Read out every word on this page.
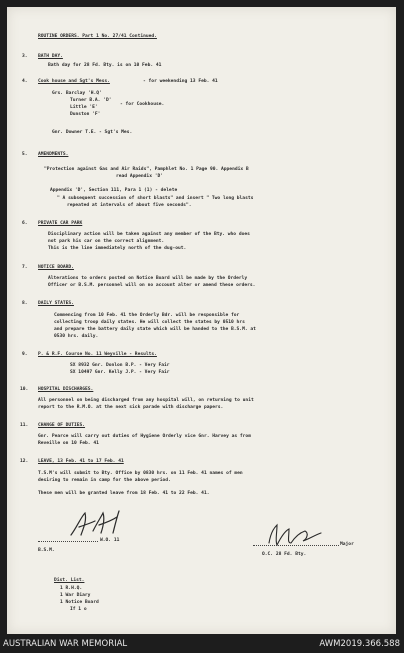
ROUTINE ORDERS. Part 1 No. 27/41 Continued.
3. BATH DAY.
Bath day for 28 Fd. Bty. is on 10 Feb. 41
4. Cook house and Sgt's Mess.	- for weekending 13 Feb. 41
Grs. Barclay 'H.Q'
Turner B.A. 'D'
Little 'E'
Dunston 'F'
- for Cookhouse.
Gnr. Downer T.E. - Sgt's Mes.
5. AMENDMENTS.
"Protection against Gas and Air Raids", Pamphlet No. 1 Page 90. Appendix B
read Appendix 'D'
Appendix 'D', Section 111, Para 1 (1) - delete
" A subsequent succession of short blasts" and insert " Two long blasts
repeated at intervals of about five seconds".
6. PRIVATE CAR PARK
Disciplinary action will be taken against any member of the Bty. who does
not park his car on the correct alignment.
This is the line immediately north of the dug-out.
7. NOTICE BOARD.
Alterations to orders posted on Notice Board will be made by the Orderly
Officer or B.S.M. personnel will on no account alter or amend these orders.
8. DAILY STATES.
Commencing from 10 Feb. 41 the Orderly Bdr. will be responsible for
collecting troop daily states. He will collect the states by 0510 hrs
and prepare the battery daily state which will be handed to the B.S.M. at
0530 hrs. daily.
9. P. & R.F. Course No. 11 Weyville - Results.
SX 8932 Gnr. Donlon B.P. - Very Fair
SX 10497 Gnr. Kelly J.P. - Very Fair
10. HOSPITAL DISCHARGES.
All personnel on being discharged from any hospital will, on returning to unit
report to the R.M.O. at the next sick parade with discharge papers.
11. CHANGE OF DUTIES.
Gnr. Pearce will carry out duties of Hygiene Orderly vice Gnr. Harvey as from
Reveille on 10 Feb. 41
12. LEAVE, 13 Feb. 41 to 17 Feb. 41
T.S.M's will submit to Bty. Office by 0830 hrs. on 11 Feb. 41 names of men
desiring to remain in camp for the above period.
These men will be granted leave from 18 Feb. 41 to 22 Feb. 41.
W.O. 11
B.S.M.
Major
O.C. 28 Fd. Bty.
Dist. List.
1 R.H.Q.
1 War Diary
1 Notice Board
If 1 o
AUSTRALIAN WAR MEMORIAL	AWM2019.366.588
